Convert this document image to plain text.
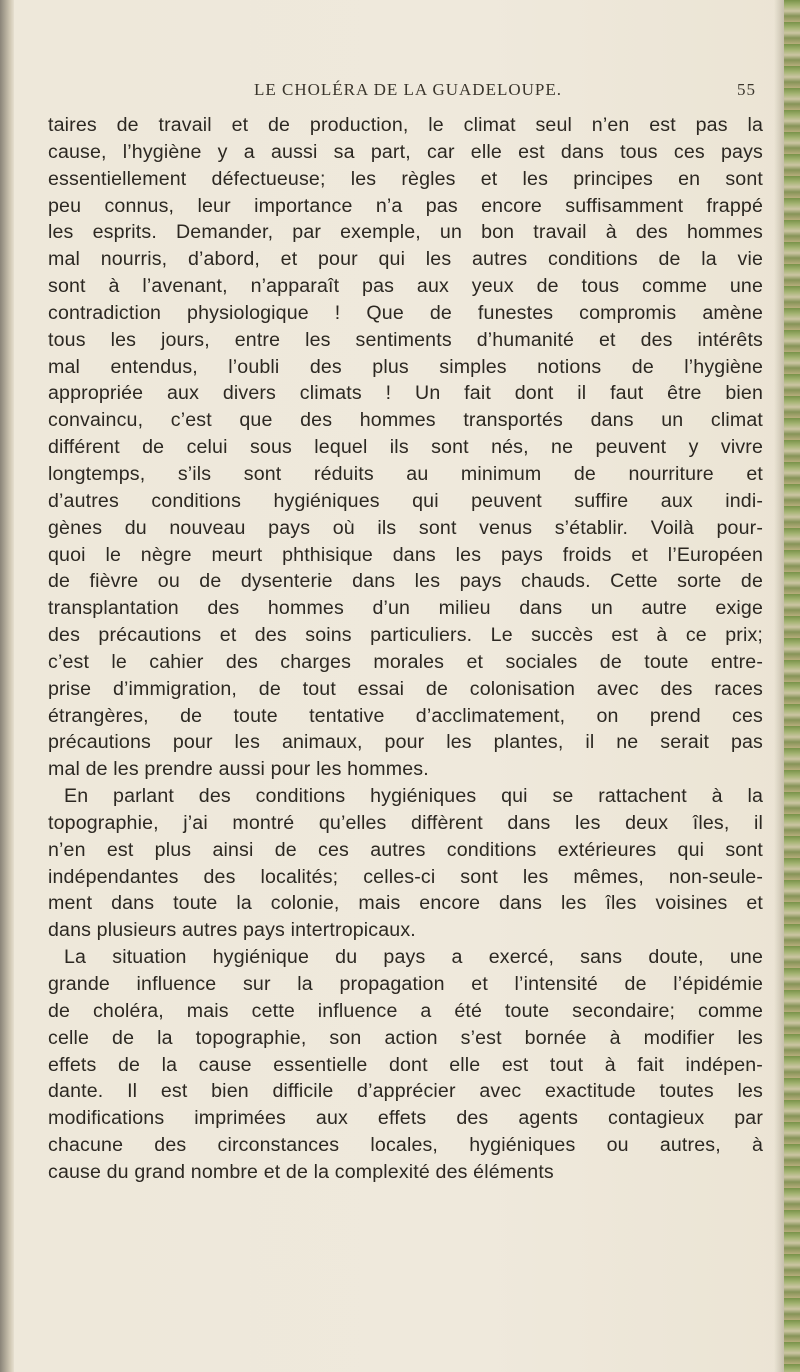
LE CHOLÉRA DE LA GUADELOUPE.	55
taires de travail et de production, le climat seul n’en est pas la
cause, l’hygiène y a aussi sa part, car elle est dans tous ces pays
essentiellement défectueuse; les règles et les principes en sont
peu connus, leur importance n’a pas encore suffisamment frappé
les esprits. Demander, par exemple, un bon travail à des hommes
mal nourris, d’abord, et pour qui les autres conditions de la vie
sont à l’avenant, n’apparaît pas aux yeux de tous comme une
contradiction physiologique ! Que de funestes compromis amène
tous les jours, entre les sentiments d’humanité et des intérêts
mal entendus, l’oubli des plus simples notions de l’hygiène
appropriée aux divers climats ! Un fait dont il faut être bien
convaincu, c’est que des hommes transportés dans un climat
différent de celui sous lequel ils sont nés, ne peuvent y vivre
longtemps, s’ils sont réduits au minimum de nourriture et
d’autres conditions hygiéniques qui peuvent suffire aux indi-
gènes du nouveau pays où ils sont venus s’établir. Voilà pour-
quoi le nègre meurt phthisique dans les pays froids et l’Européen
de fièvre ou de dysenterie dans les pays chauds. Cette sorte de
transplantation des hommes d’un milieu dans un autre exige
des précautions et des soins particuliers. Le succès est à ce prix;
c’est le cahier des charges morales et sociales de toute entre-
prise d’immigration, de tout essai de colonisation avec des races
étrangères, de toute tentative d’acclimatement, on prend ces
précautions pour les animaux, pour les plantes, il ne serait pas
mal de les prendre aussi pour les hommes.
En parlant des conditions hygiéniques qui se rattachent à la
topographie, j’ai montré qu’elles diffèrent dans les deux îles, il
n’en est plus ainsi de ces autres conditions extérieures qui sont
indépendantes des localités; celles-ci sont les mêmes, non-seule-
ment dans toute la colonie, mais encore dans les îles voisines et
dans plusieurs autres pays intertropicaux.
La situation hygiénique du pays a exercé, sans doute, une
grande influence sur la propagation et l’intensité de l’épidémie
de choléra, mais cette influence a été toute secondaire; comme
celle de la topographie, son action s’est bornée à modifier les
effets de la cause essentielle dont elle est tout à fait indépen-
dante. Il est bien difficile d’apprécier avec exactitude toutes les
modifications imprimées aux effets des agents contagieux par
chacune des circonstances locales, hygiéniques ou autres, à
cause du grand nombre et de la complexité des éléments
